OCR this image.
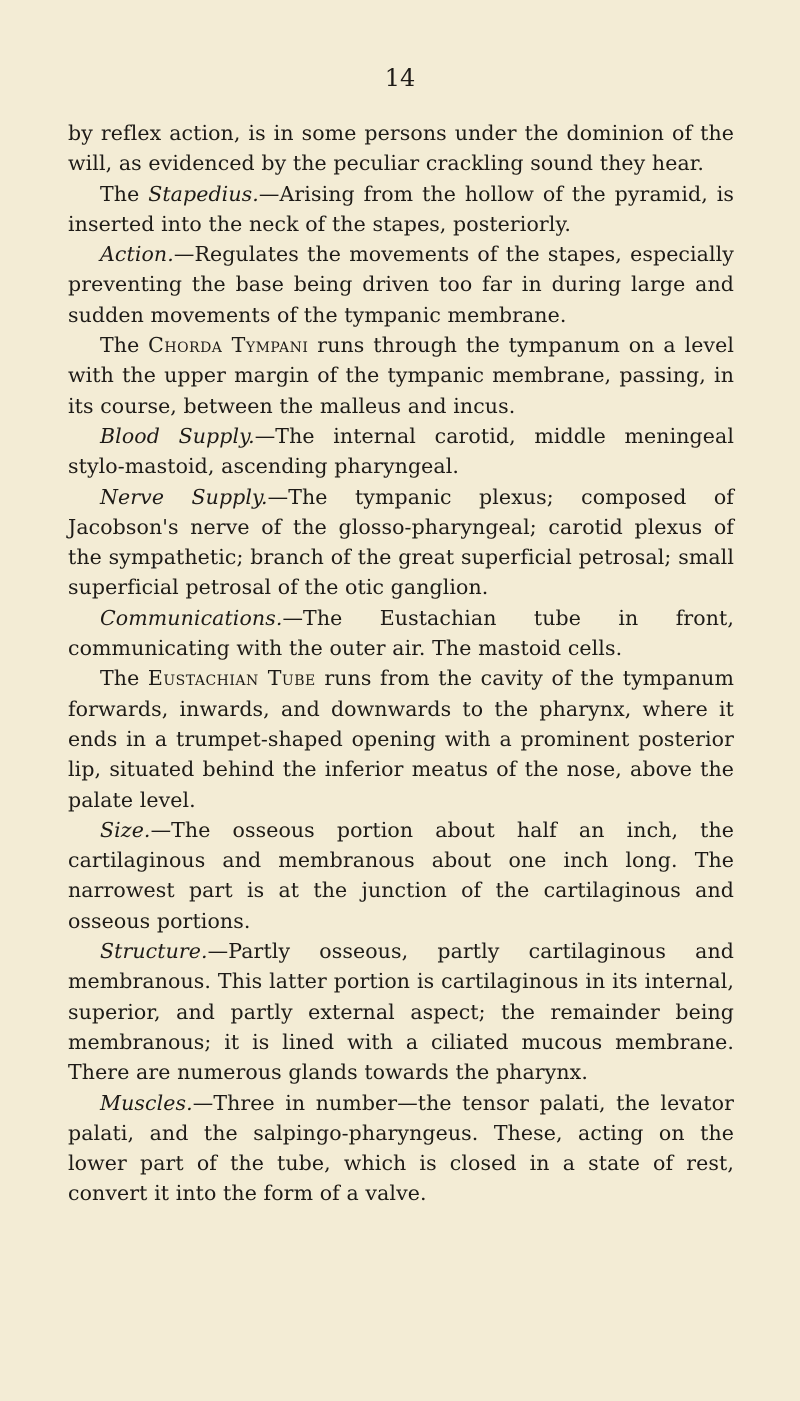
14

by reflex action, is in some persons under the dominion of the will, as evidenced by the peculiar crackling sound they hear.

The Stapedius.—Arising from the hollow of the pyramid, is inserted into the neck of the stapes, posteriorly.

Action.—Regulates the movements of the stapes, especially preventing the base being driven too far in during large and sudden movements of the tympanic membrane.

The Chorda Tympani runs through the tympanum on a level with the upper margin of the tympanic membrane, passing, in its course, between the malleus and incus.

Blood Supply.—The internal carotid, middle meningeal stylo-mastoid, ascending pharyngeal.

Nerve Supply.—The tympanic plexus; composed of Jacobson's nerve of the glosso-pharyngeal; carotid plexus of the sympathetic; branch of the great superficial petrosal; small superficial petrosal of the otic ganglion.

Communications.—The Eustachian tube in front, communicating with the outer air. The mastoid cells.

The Eustachian Tube runs from the cavity of the tympanum forwards, inwards, and downwards to the pharynx, where it ends in a trumpet-shaped opening with a prominent posterior lip, situated behind the inferior meatus of the nose, above the palate level.

Size.—The osseous portion about half an inch, the cartilaginous and membranous about one inch long. The narrowest part is at the junction of the cartilaginous and osseous portions.

Structure.—Partly osseous, partly cartilaginous and membranous. This latter portion is cartilaginous in its internal, superior, and partly external aspect; the remainder being membranous; it is lined with a ciliated mucous membrane. There are numerous glands towards the pharynx.

Muscles.—Three in number—the tensor palati, the levator palati, and the salpingo-pharyngeus. These, acting on the lower part of the tube, which is closed in a state of rest, convert it into the form of a valve.
